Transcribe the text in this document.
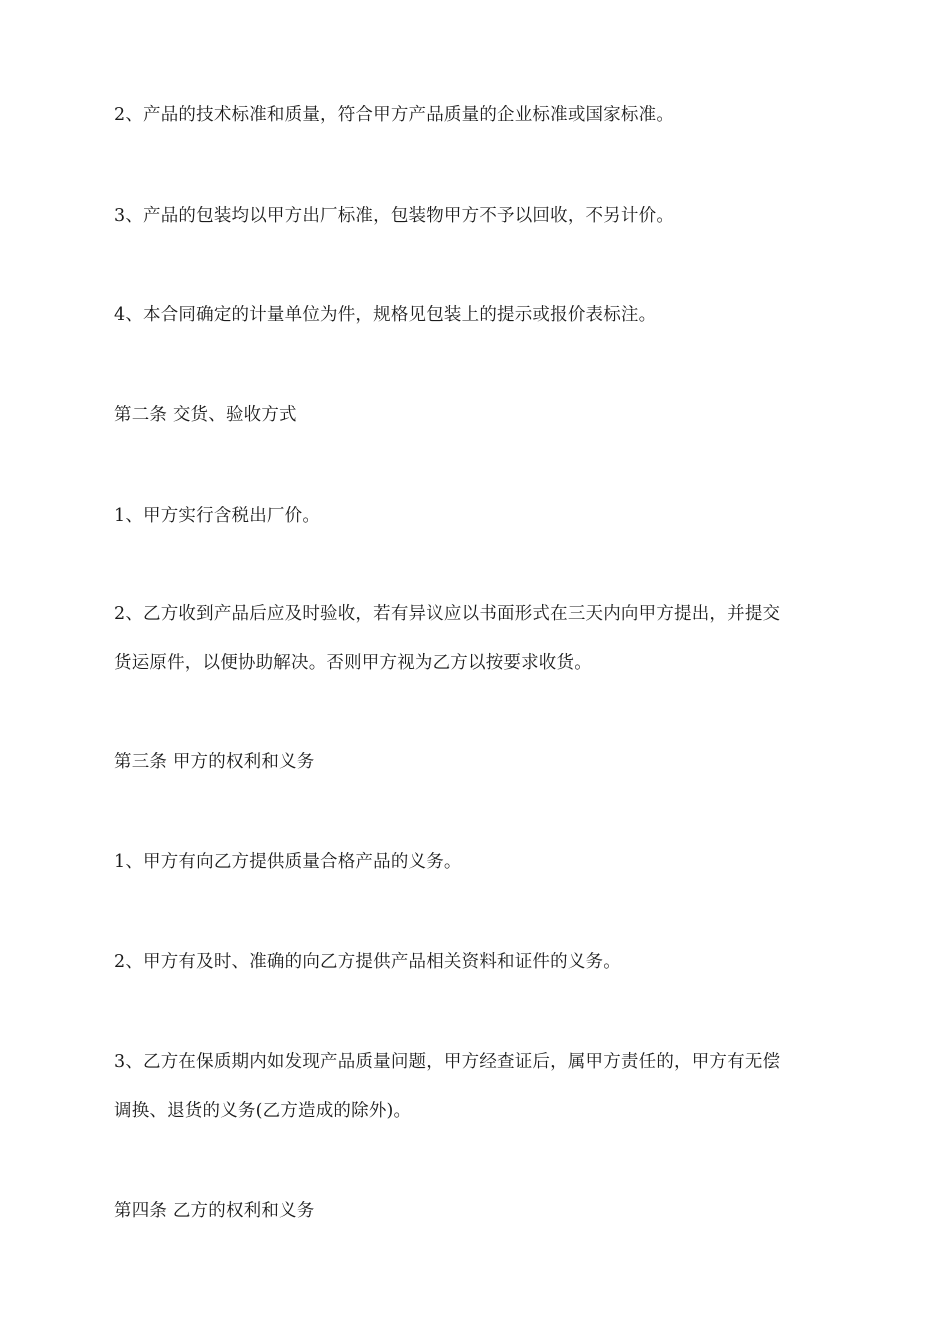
2、产品的技术标准和质量，符合甲方产品质量的企业标准或国家标准。
3、产品的包装均以甲方出厂标准，包装物甲方不予以回收，不另计价。
4、本合同确定的计量单位为件，规格见包装上的提示或报价表标注。
第二条 交货、验收方式
1、甲方实行含税出厂价。
2、乙方收到产品后应及时验收，若有异议应以书面形式在三天内向甲方提出，并提交
货运原件，以便协助解决。否则甲方视为乙方以按要求收货。
第三条 甲方的权利和义务
1、甲方有向乙方提供质量合格产品的义务。
2、甲方有及时、准确的向乙方提供产品相关资料和证件的义务。
3、乙方在保质期内如发现产品质量问题，甲方经查证后，属甲方责任的，甲方有无偿
调换、退货的义务(乙方造成的除外)。
第四条 乙方的权利和义务
